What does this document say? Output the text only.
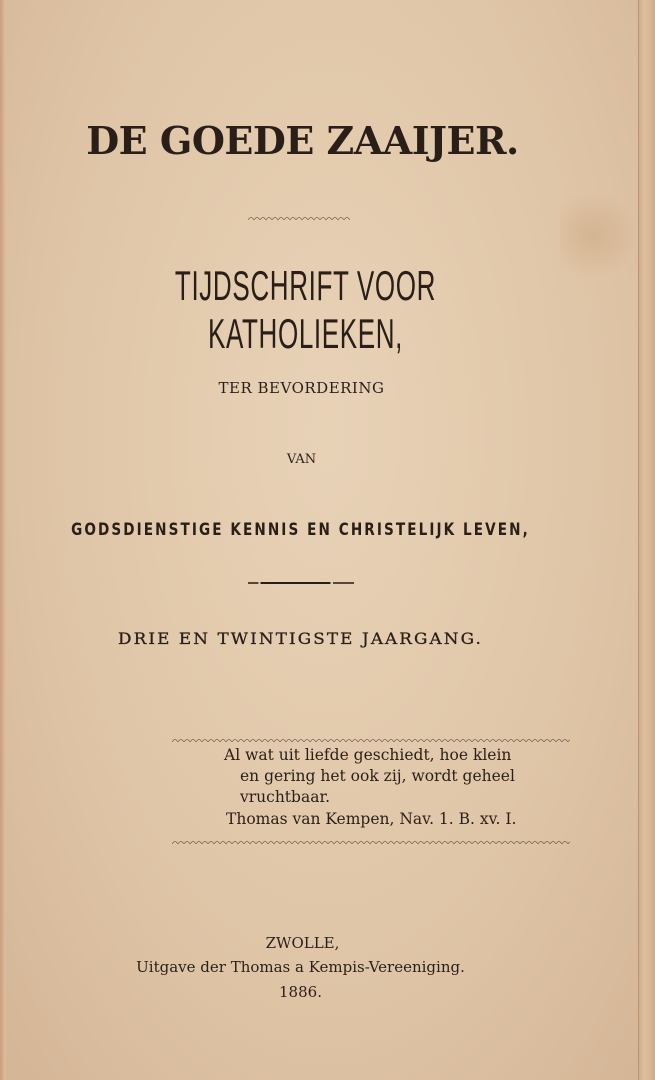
DE GOEDE ZAAIJER.
TIJDSCHRIFT VOOR KATHOLIEKEN,
TER BEVORDERING
VAN
GODSDIENSTIGE KENNIS EN CHRISTELIJK LEVEN,
DRIE EN TWINTIGSTE JAARGANG.
Al wat uit liefde geschiedt, hoe klein
en gering het ook zij, wordt geheel
vruchtbaar.
Thomas van Kempen, Nav. 1. B. xv. I.
ZWOLLE,
Uitgave der Thomas a Kempis-Vereeniging.
1886.
